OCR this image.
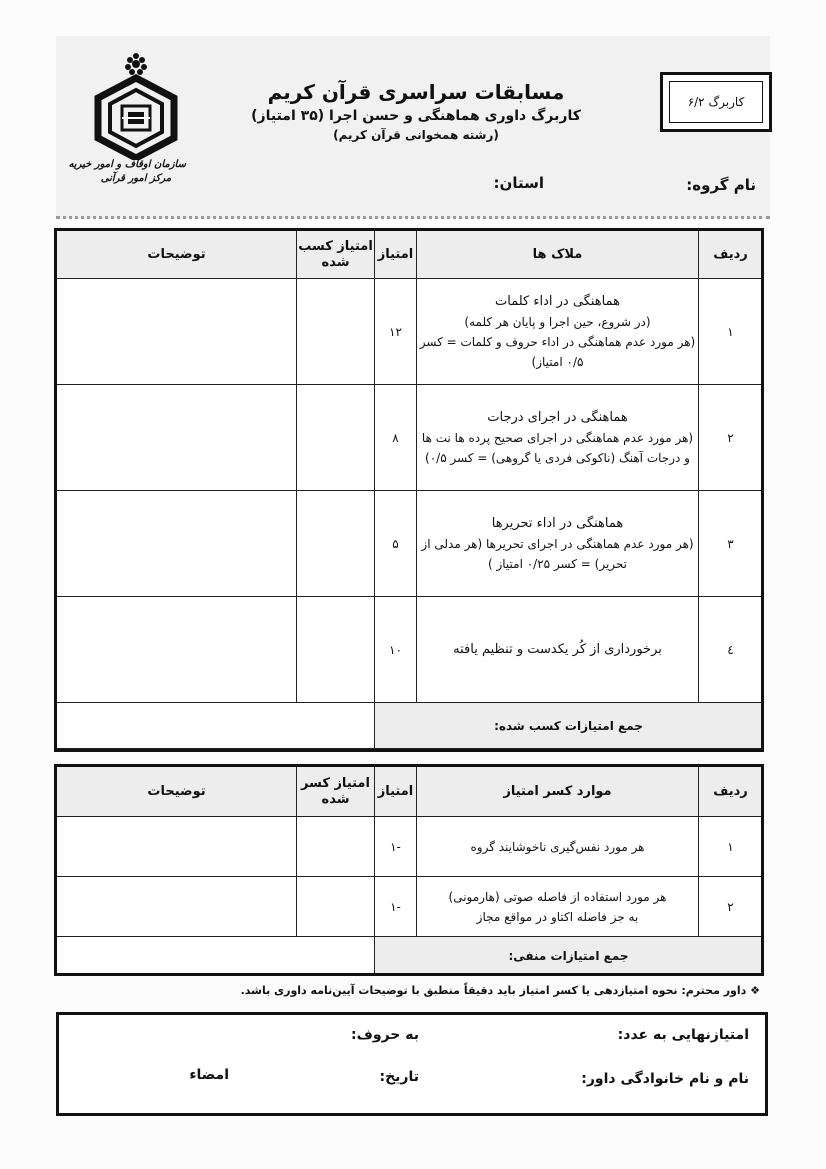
سازمان اوقاف و امور خیریه
مرکز امور قرآنی
مسابقات سراسری قرآن کریم
کاربرگ داوری هماهنگی و حسن اجرا (۳۵ امتیاز)
(رشته همخوانی قرآن کریم)
کاربرگ ۶/۲
نام گروه:
استان:
ردیف	ملاک ها	امتیاز	امتیاز کسب شده	توضیحات
۱	هماهنگی در اداء کلمات
(در شروع، حین اجرا و پایان هر کلمه)
(هر مورد عدم هماهنگی در اداء حروف و کلمات = کسر
۰/۵ امتیاز)	۱۲		
۲	هماهنگی در اجرای درجات
(هر مورد عدم هماهنگی در اجرای صحیح پرده ها نت ها
و درجات آهنگ (ناکوکی فردی یا گروهی) = کسر ۰/۵)	۸		
۳	هماهنگی در اداء تحریرها
(هر مورد عدم هماهنگی در اجرای تحریرها (هر مدلی از
تحریر) = کسر ۰/۲۵ امتیاز )	۵		
٤	برخورداری از کُر یکدست و تنظیم یافته	۱۰		
جمع امتیازات کسب شده:				
ردیف	موارد کسر امتیاز	امتیاز	امتیاز کسر شده	توضیحات
۱	هر مورد نفس‌گیری ناخوشایند گروه	-۱		
۲	هر مورد استفاده از فاصله صوتی (هارمونی)
به جز فاصله اکتاو در مواقع مجاز	-۱		
جمع امتیازات منفی:				
❖ داور محترم: نحوه امتیازدهی یا کسر امتیاز باید دقیقاً منطبق با توضیحات آیین‌نامه داوری باشد.
امتیازنهایی به عدد:
به حروف:
نام و نام خانوادگی داور:
تاریخ:
امضاء
